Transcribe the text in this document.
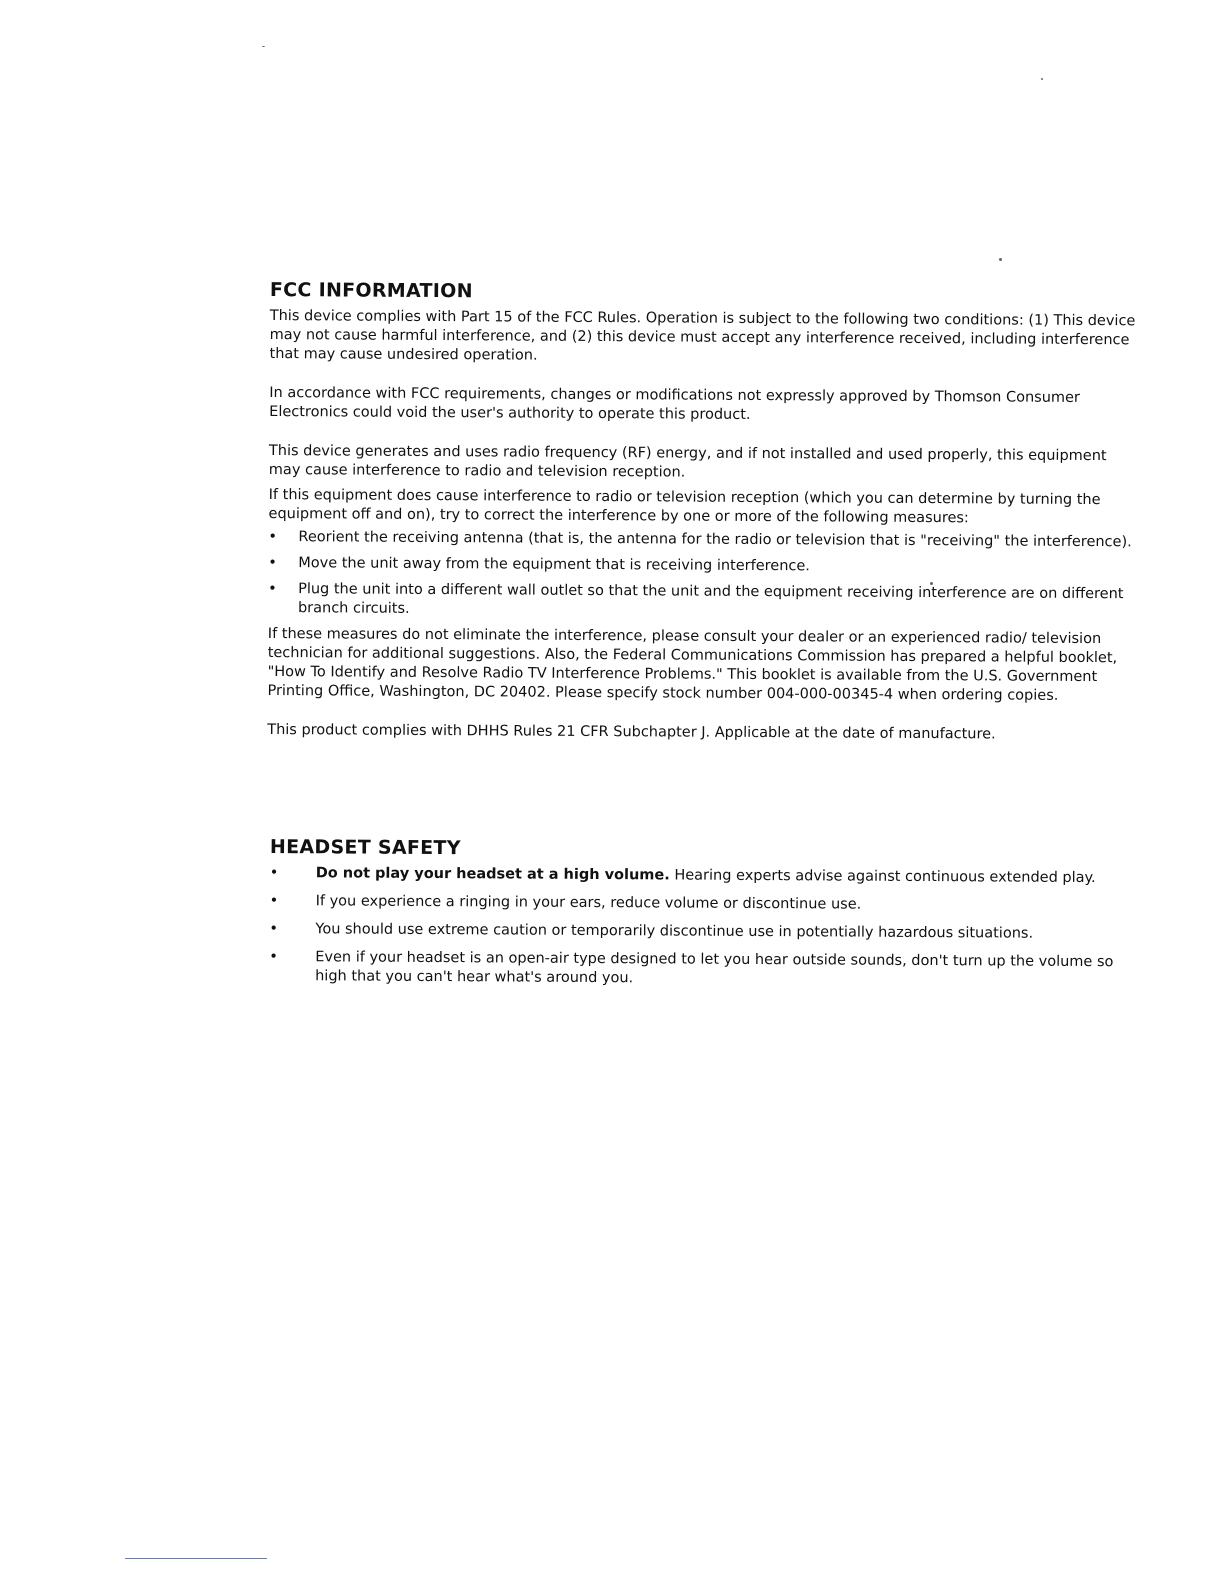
FCC INFORMATION

This device complies with Part 15 of the FCC Rules. Operation is subject to the following two conditions: (1) This device may not cause harmful interference, and (2) this device must accept any interference received, including interference that may cause undesired operation.

In accordance with FCC requirements, changes or modifications not expressly approved by Thomson Consumer Electronics could void the user's authority to operate this product.

This device generates and uses radio frequency (RF) energy, and if not installed and used properly, this equipment may cause interference to radio and television reception.

If this equipment does cause interference to radio or television reception (which you can determine by turning the equipment off and on), try to correct the interference by one or more of the following measures:

• Reorient the receiving antenna (that is, the antenna for the radio or television that is "receiving" the interference).
• Move the unit away from the equipment that is receiving interference.
• Plug the unit into a different wall outlet so that the unit and the equipment receiving interference are on different branch circuits.

If these measures do not eliminate the interference, please consult your dealer or an experienced radio/ television technician for additional suggestions. Also, the Federal Communications Commission has prepared a helpful booklet, "How To Identify and Resolve Radio TV Interference Problems." This booklet is available from the U.S. Government Printing Office, Washington, DC 20402. Please specify stock number 004-000-00345-4 when ordering copies.

This product complies with DHHS Rules 21 CFR Subchapter J. Applicable at the date of manufacture.

HEADSET SAFETY
•	Do not play your headset at a high volume. Hearing experts advise against continuous extended play.
•	If you experience a ringing in your ears, reduce volume or discontinue use.
•	You should use extreme caution or temporarily discontinue use in potentially hazardous situations.
•	Even if your headset is an open-air type designed to let you hear outside sounds, don't turn up the volume so high that you can't hear what's around you.
